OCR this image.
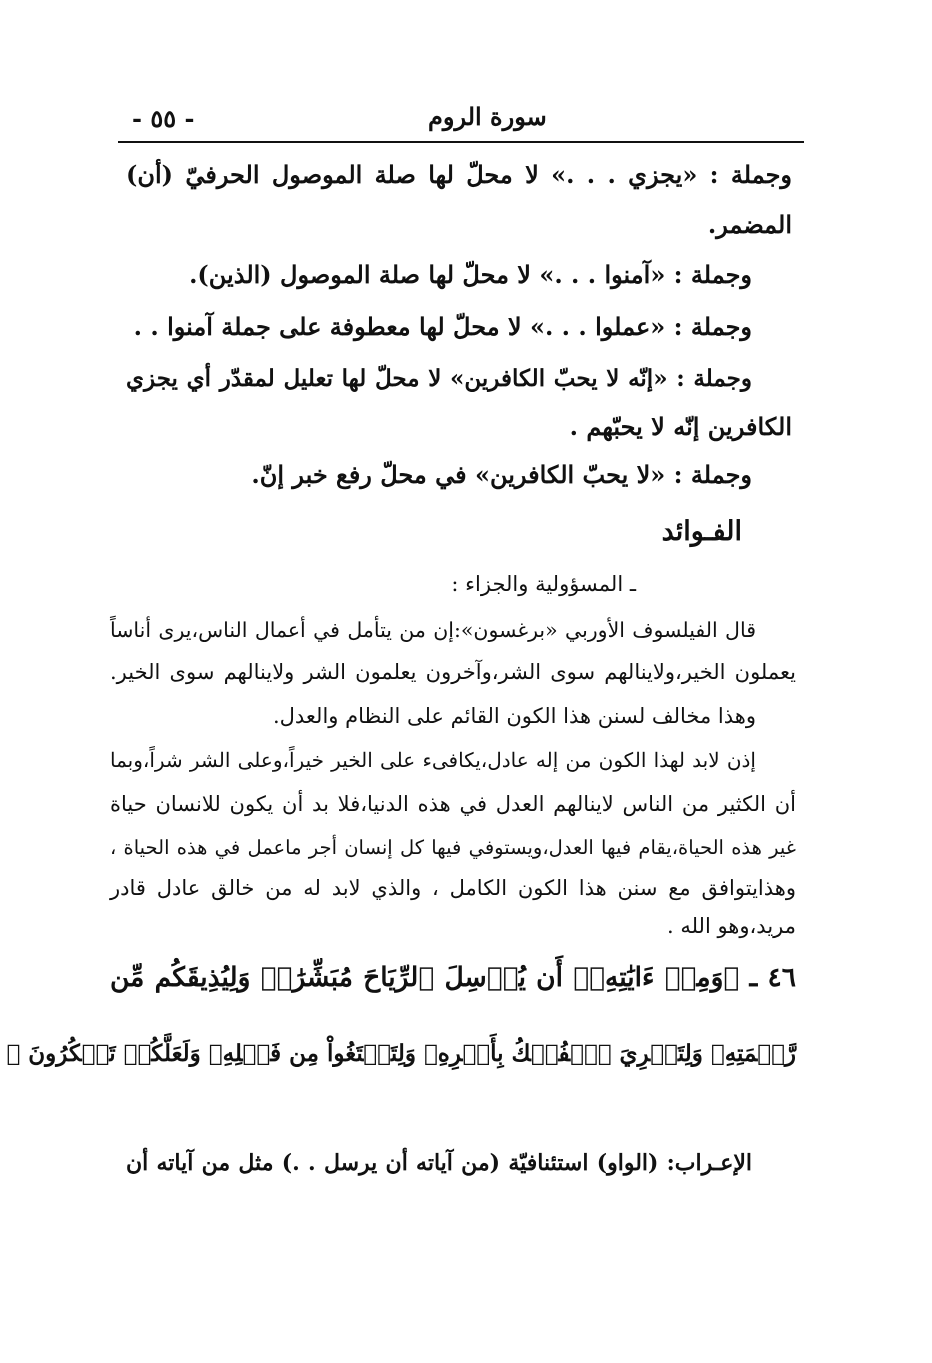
- ٥٥ -	سورة الروم
وجملة : «يجزي . . .» لا محلّ لها صلة الموصول الحرفيّ (أن)
المضمر.
وجملة : «آمنوا . . .» لا محلّ لها صلة الموصول (الذين).
وجملة : «عملوا . . .» لا محلّ لها معطوفة على جملة آمنوا . .
وجملة : «إنّه لا يحبّ الكافرين» لا محلّ لها تعليل لمقدّر أي يجزي
الكافرين إنّه لا يحبّهم .
وجملة : «لا يحبّ الكافرين» في محلّ رفع خبر إنّ.
الفـوائد
ـ المسؤولية والجزاء :
قال الفيلسوف الأوربي «برغسون»:إن من يتأمل في أعمال الناس،يرى أناساً
يعملون الخير،ولاينالهم سوى الشر،وآخرون يعلمون الشر ولاينالهم سوى الخير.
وهذا مخالف لسنن هذا الكون القائم على النظام والعدل.
إذن لابد لهذا الكون من إله عادل،يكافىء على الخير خيراً،وعلى الشر شراً،وبما
أن الكثير من الناس لاينالهم العدل في هذه الدنيا،فلا بد أن يكون للانسان حياة
غير هذه الحياة،يقام فيها العدل،ويستوفي فيها كل إنسان أجر ماعمل في هذه الحياة ،
وهذايتوافق مع سنن هذا الكون الكامل ، والذي لابد له من خالق عادل قادر
مريد،وهو الله .
٤٦ ـ ﴿وَمِنۡ ءَايَٰتِهِۦٓ أَن يُرۡسِلَ ٱلرِّيَاحَ مُبَشِّرَٰتٖ وَلِيُذِيقَكُم مِّن
رَّحۡمَتِهِۦ وَلِتَجۡرِيَ ٱلۡفُلۡكُ بِأَمۡرِهِۦ وَلِتَبۡتَغُواْ مِن فَضۡلِهِۦ وَلَعَلَّكُمۡ تَشۡكُرُونَ ﴾
الإعـراب: (الواو) استئنافيّة (من آياته أن يرسل . .) مثل من آياته أن
